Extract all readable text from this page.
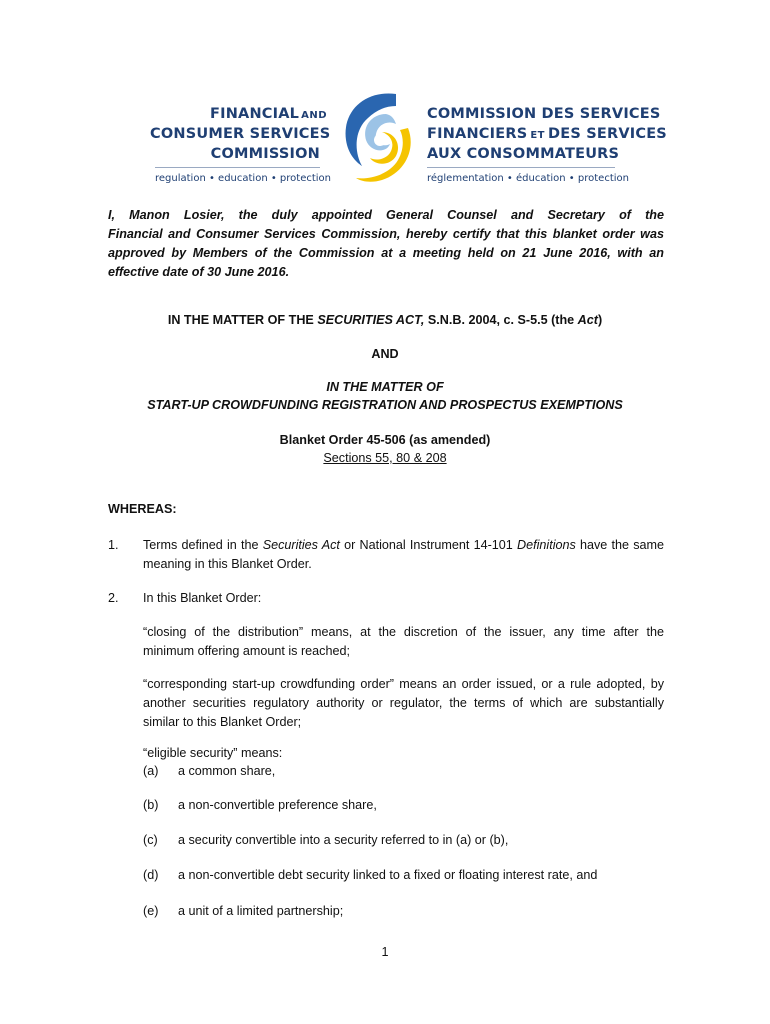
FINANCIAL AND
CONSUMER SERVICES
COMMISSION
regulation • education • protection
COMMISSION DES SERVICES
FINANCIERS ET DES SERVICES
AUX CONSOMMATEURS
réglementation • éducation • protection
I, Manon Losier, the duly appointed General Counsel and Secretary of the
Financial and Consumer Services Commission, hereby certify that this blanket order was
approved by Members of the Commission at a meeting held on 21 June 2016, with an
effective date of 30 June 2016.
IN THE MATTER OF THE SECURITIES ACT, S.N.B. 2004, c. S-5.5 (the Act)
AND
IN THE MATTER OF
START-UP CROWDFUNDING REGISTRATION AND PROSPECTUS EXEMPTIONS
Blanket Order 45-506 (as amended)
Sections 55, 80 & 208
WHEREAS:
1. Terms defined in the Securities Act or National Instrument 14-101 Definitions have the same
meaning in this Blanket Order.
2. In this Blanket Order:
“closing of the distribution” means, at the discretion of the issuer, any time after the
minimum offering amount is reached;
“corresponding start-up crowdfunding order” means an order issued, or a rule adopted, by
another securities regulatory authority or regulator, the terms of which are substantially
similar to this Blanket Order;
“eligible security” means:
(a) a common share,
(b) a non-convertible preference share,
(c) a security convertible into a security referred to in (a) or (b),
(d) a non-convertible debt security linked to a fixed or floating interest rate, and
(e) a unit of a limited partnership;
1
